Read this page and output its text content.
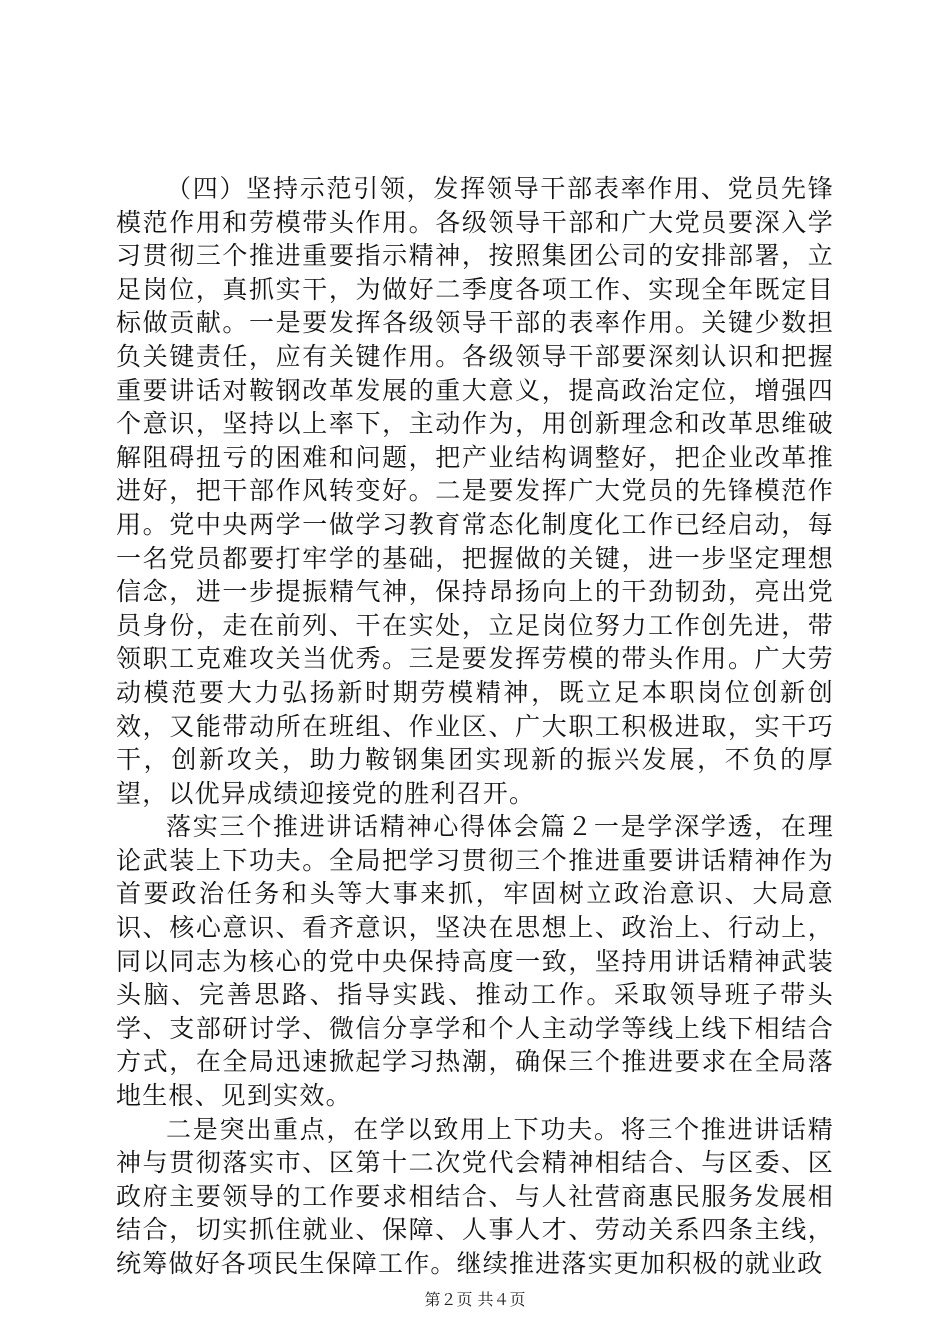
（四）坚持示范引领，发挥领导干部表率作用、党员先锋模范作用和劳模带头作用。各级领导干部和广大党员要深入学习贯彻三个推进重要指示精神，按照集团公司的安排部署，立足岗位，真抓实干，为做好二季度各项工作、实现全年既定目标做贡献。一是要发挥各级领导干部的表率作用。关键少数担负关键责任，应有关键作用。各级领导干部要深刻认识和把握重要讲话对鞍钢改革发展的重大意义，提高政治定位，增强四个意识，坚持以上率下，主动作为，用创新理念和改革思维破解阻碍扭亏的困难和问题，把产业结构调整好，把企业改革推进好，把干部作风转变好。二是要发挥广大党员的先锋模范作用。党中央两学一做学习教育常态化制度化工作已经启动，每一名党员都要打牢学的基础，把握做的关键，进一步坚定理想信念，进一步提振精气神，保持昂扬向上的干劲韧劲，亮出党员身份，走在前列、干在实处，立足岗位努力工作创先进，带领职工克难攻关当优秀。三是要发挥劳模的带头作用。广大劳动模范要大力弘扬新时期劳模精神，既立足本职岗位创新创效，又能带动所在班组、作业区、广大职工积极进取，实干巧干，创新攻关，助力鞍钢集团实现新的振兴发展，不负的厚望，以优异成绩迎接党的胜利召开。

落实三个推进讲话精神心得体会篇２一是学深学透，在理论武装上下功夫。全局把学习贯彻三个推进重要讲话精神作为首要政治任务和头等大事来抓，牢固树立政治意识、大局意识、核心意识、看齐意识，坚决在思想上、政治上、行动上，同以同志为核心的党中央保持高度一致，坚持用讲话精神武装头脑、完善思路、指导实践、推动工作。采取领导班子带头学、支部研讨学、微信分享学和个人主动学等线上线下相结合方式，在全局迅速掀起学习热潮，确保三个推进要求在全局落地生根、见到实效。

二是突出重点，在学以致用上下功夫。将三个推进讲话精神与贯彻落实市、区第十二次党代会精神相结合、与区委、区政府主要领导的工作要求相结合、与人社营商惠民服务发展相结合，切实抓住就业、保障、人事人才、劳动关系四条主线，统筹做好各项民生保障工作。继续推进落实更加积极的就业政

第２页 共４页
